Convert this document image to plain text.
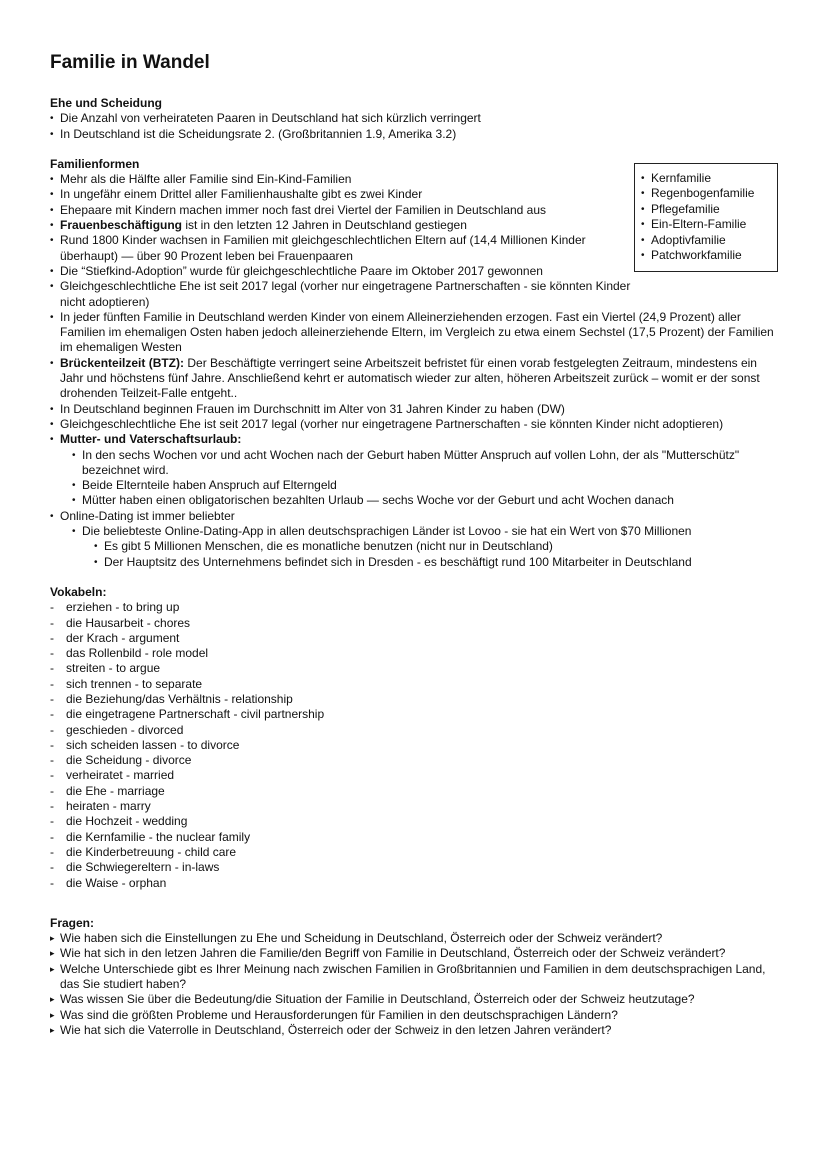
Familie in Wandel
Ehe und Scheidung
• Die Anzahl von verheirateten Paaren in Deutschland hat sich kürzlich verringert
• In Deutschland ist die Scheidungsrate 2. (Großbritannien 1.9, Amerika 3.2)
Familienformen
• Kernfamilie
• Regenbogenfamilie
• Pflegefamilie
• Ein-Eltern-Familie
• Adoptivfamilie
• Patchworkfamilie
• Mehr als die Hälfte aller Familie sind Ein-Kind-Familien
• In ungefähr einem Drittel aller Familienhaushalte gibt es zwei Kinder
• Ehepaare mit Kindern machen immer noch fast drei Viertel der Familien in Deutschland aus
• Frauenbeschäftigung ist in den letzten 12 Jahren in Deutschland gestiegen
• Rund 1800 Kinder wachsen in Familien mit gleichgeschlechtlichen Eltern auf (14,4 Millionen Kinder überhaupt) — über 90 Prozent leben bei Frauenpaaren
• Die “Stiefkind-Adoption” wurde für gleichgeschlechtliche Paare im Oktober 2017 gewonnen
• Gleichgeschlechtliche Ehe ist seit 2017 legal (vorher nur eingetragene Partnerschaften - sie könnten Kinder nicht adoptieren)
• In jeder fünften Familie in Deutschland werden Kinder von einem Alleinerziehenden erzogen. Fast ein Viertel (24,9 Prozent) aller Familien im ehemaligen Osten haben jedoch alleinerziehende Eltern, im Vergleich zu etwa einem Sechstel (17,5 Prozent) der Familien im ehemaligen Westen
• Brückenteilzeit (BTZ): Der Beschäftigte verringert seine Arbeitszeit befristet für einen vorab festgelegten Zeitraum, mindestens ein Jahr und höchstens fünf Jahre. Anschließend kehrt er automatisch wieder zur alten, höheren Arbeitszeit zurück – womit er der sonst drohenden Teilzeit-Falle entgeht..
• In Deutschland beginnen Frauen im Durchschnitt im Alter von 31 Jahren Kinder zu haben (DW)
• Gleichgeschlechtliche Ehe ist seit 2017 legal (vorher nur eingetragene Partnerschaften - sie könnten Kinder nicht adoptieren)
• Mutter- und Vaterschaftsurlaub:
• In den sechs Wochen vor und acht Wochen nach der Geburt haben Mütter Anspruch auf vollen Lohn, der als "Mutterschütz" bezeichnet wird.
• Beide Elternteile haben Anspruch auf Elterngeld
• Mütter haben einen obligatorischen bezahlten Urlaub — sechs Woche vor der Geburt und acht Wochen danach
• Online-Dating ist immer beliebter
• Die beliebteste Online-Dating-App in allen deutschsprachigen Länder ist Lovoo - sie hat ein Wert von $70 Millionen
• Es gibt 5 Millionen Menschen, die es monatliche benutzen (nicht nur in Deutschland)
• Der Hauptsitz des Unternehmens befindet sich in Dresden - es beschäftigt rund 100 Mitarbeiter in Deutschland
Vokabeln:
- erziehen - to bring up
- die Hausarbeit - chores
- der Krach - argument
- das Rollenbild - role model
- streiten - to argue
- sich trennen - to separate
- die Beziehung/das Verhältnis - relationship
- die eingetragene Partnerschaft - civil partnership
- geschieden - divorced
- sich scheiden lassen - to divorce
- die Scheidung - divorce
- verheiratet - married
- die Ehe - marriage
- heiraten - marry
- die Hochzeit - wedding
- die Kernfamilie - the nuclear family
- die Kinderbetreuung - child care
- die Schwiegereltern - in-laws
- die Waise - orphan
Fragen:
▸ Wie haben sich die Einstellungen zu Ehe und Scheidung in Deutschland, Österreich oder der Schweiz verändert?
▸ Wie hat sich in den letzen Jahren die Familie/den Begriff von Familie in Deutschland, Österreich oder der Schweiz verändert?
▸ Welche Unterschiede gibt es Ihrer Meinung nach zwischen Familien in Großbritannien und Familien in dem deutschsprachigen Land, das Sie studiert haben?
▸ Was wissen Sie über die Bedeutung/die Situation der Familie in Deutschland, Österreich oder der Schweiz heutzutage?
▸ Was sind die größten Probleme und Herausforderungen für Familien in den deutschsprachigen Ländern?
▸ Wie hat sich die Vaterrolle in Deutschland, Österreich oder der Schweiz in den letzen Jahren verändert?
